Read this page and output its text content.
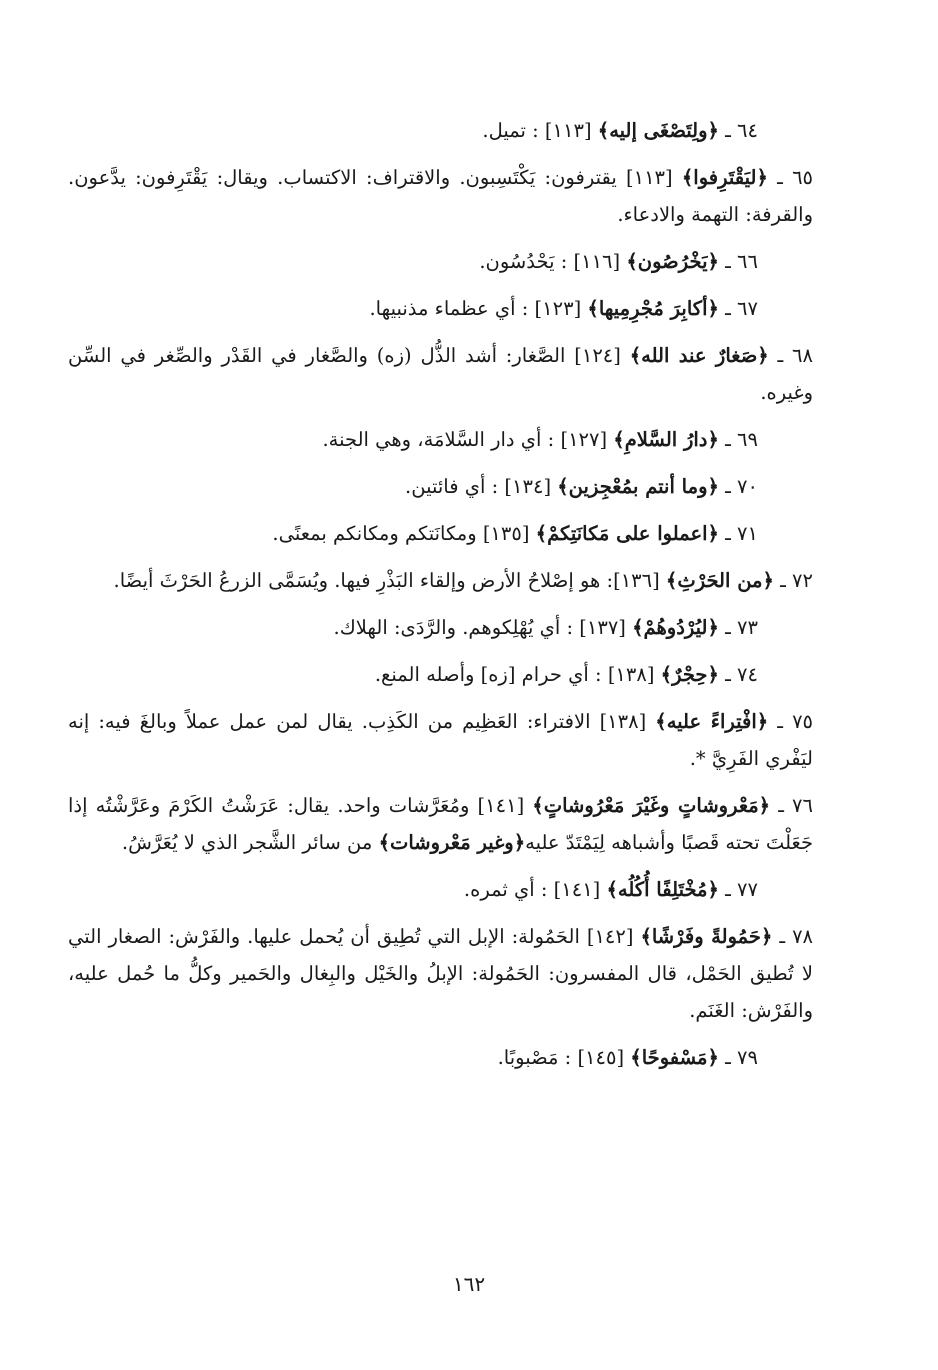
٦٤ ـ ﴿ولِتَصْغَى إليه﴾ [١١٣] : تميل.

٦٥ ـ ﴿ليَقْتَرِفوا﴾ [١١٣] يقترفون: يَكْتَسِبون. والاقتراف: الاكتساب. ويقال: يَقْتَرِفون: يدَّعون. والقرفة: التهمة والادعاء.

٦٦ ـ ﴿يَخْرُصُون﴾ [١١٦] : يَحْدُسُون.

٦٧ ـ ﴿أكابِرَ مُجْرِمِيها﴾ [١٢٣] : أي عظماء مذنبيها.

٦٨ ـ ﴿صَغارٌ عند الله﴾ [١٢٤] الصَّغار: أشد الذُّل (زه) والصَّغار في القَدْر والصِّغر في السِّن وغيره.

٦٩ ـ ﴿دارُ السَّلامِ﴾ [١٢٧] : أي دار السَّلامَة، وهي الجنة.

٧٠ ـ ﴿وما أنتم بمُعْجِزين﴾ [١٣٤] : أي فائتين.

٧١ ـ ﴿اعملوا على مَكانَتِكمْ﴾ [١٣٥] ومكانَتكم ومكانكم بمعنًى.

٧٢ ـ ﴿من الحَرْثِ﴾ [١٣٦]: هو إصْلاحُ الأرض وإلقاء البَذْرِ فيها. ويُسَمَّى الزرعُ الحَرْثَ أيضًا.

٧٣ ـ ﴿ليُرْدُوهُمْ﴾ [١٣٧] : أي يُهْلِكوهم. والرَّدَى: الهلاك.

٧٤ ـ ﴿حِجْرٌ﴾ [١٣٨] : أي حرام [زه] وأصله المنع.

٧٥ ـ ﴿افْتِراءً عليه﴾ [١٣٨] الافتراء: العَظِيم من الكَذِب. يقال لمن عمل عملاً وبالغَ فيه: إنه ليَفْري الفَرِيَّ *.

٧٦ ـ ﴿مَعْروشاتٍ وغَيْرَ مَعْرُوشاتٍ﴾ [١٤١] ومُعَرَّشات واحد. يقال: عَرَشْتُ الكَرْمَ وعَرَّشْتُه إذا جَعَلْتَ تحته قَصبًا وأشباهه لِيَمْتَدّ عليه﴿وغير مَعْروشات﴾ من سائر الشَّجر الذي لا يُعَرَّشُ.

٧٧ ـ ﴿مُخْتَلِفًا أُكُلُه﴾ [١٤١] : أي ثمره.

٧٨ ـ ﴿حَمُولةً وفَرْشًا﴾ [١٤٢] الحَمُولة: الإبل التي تُطِيق أن يُحمل عليها. والفَرْش: الصغار التي لا تُطيق الحَمْل، قال المفسرون: الحَمُولة: الإبلُ والخَيْل والبِغال والحَمير وكلُّ ما حُمل عليه، والفَرْش: الغَنَم.

٧٩ ـ ﴿مَسْفوحًا﴾ [١٤٥] : مَصْبوبًا.

١٦٢
